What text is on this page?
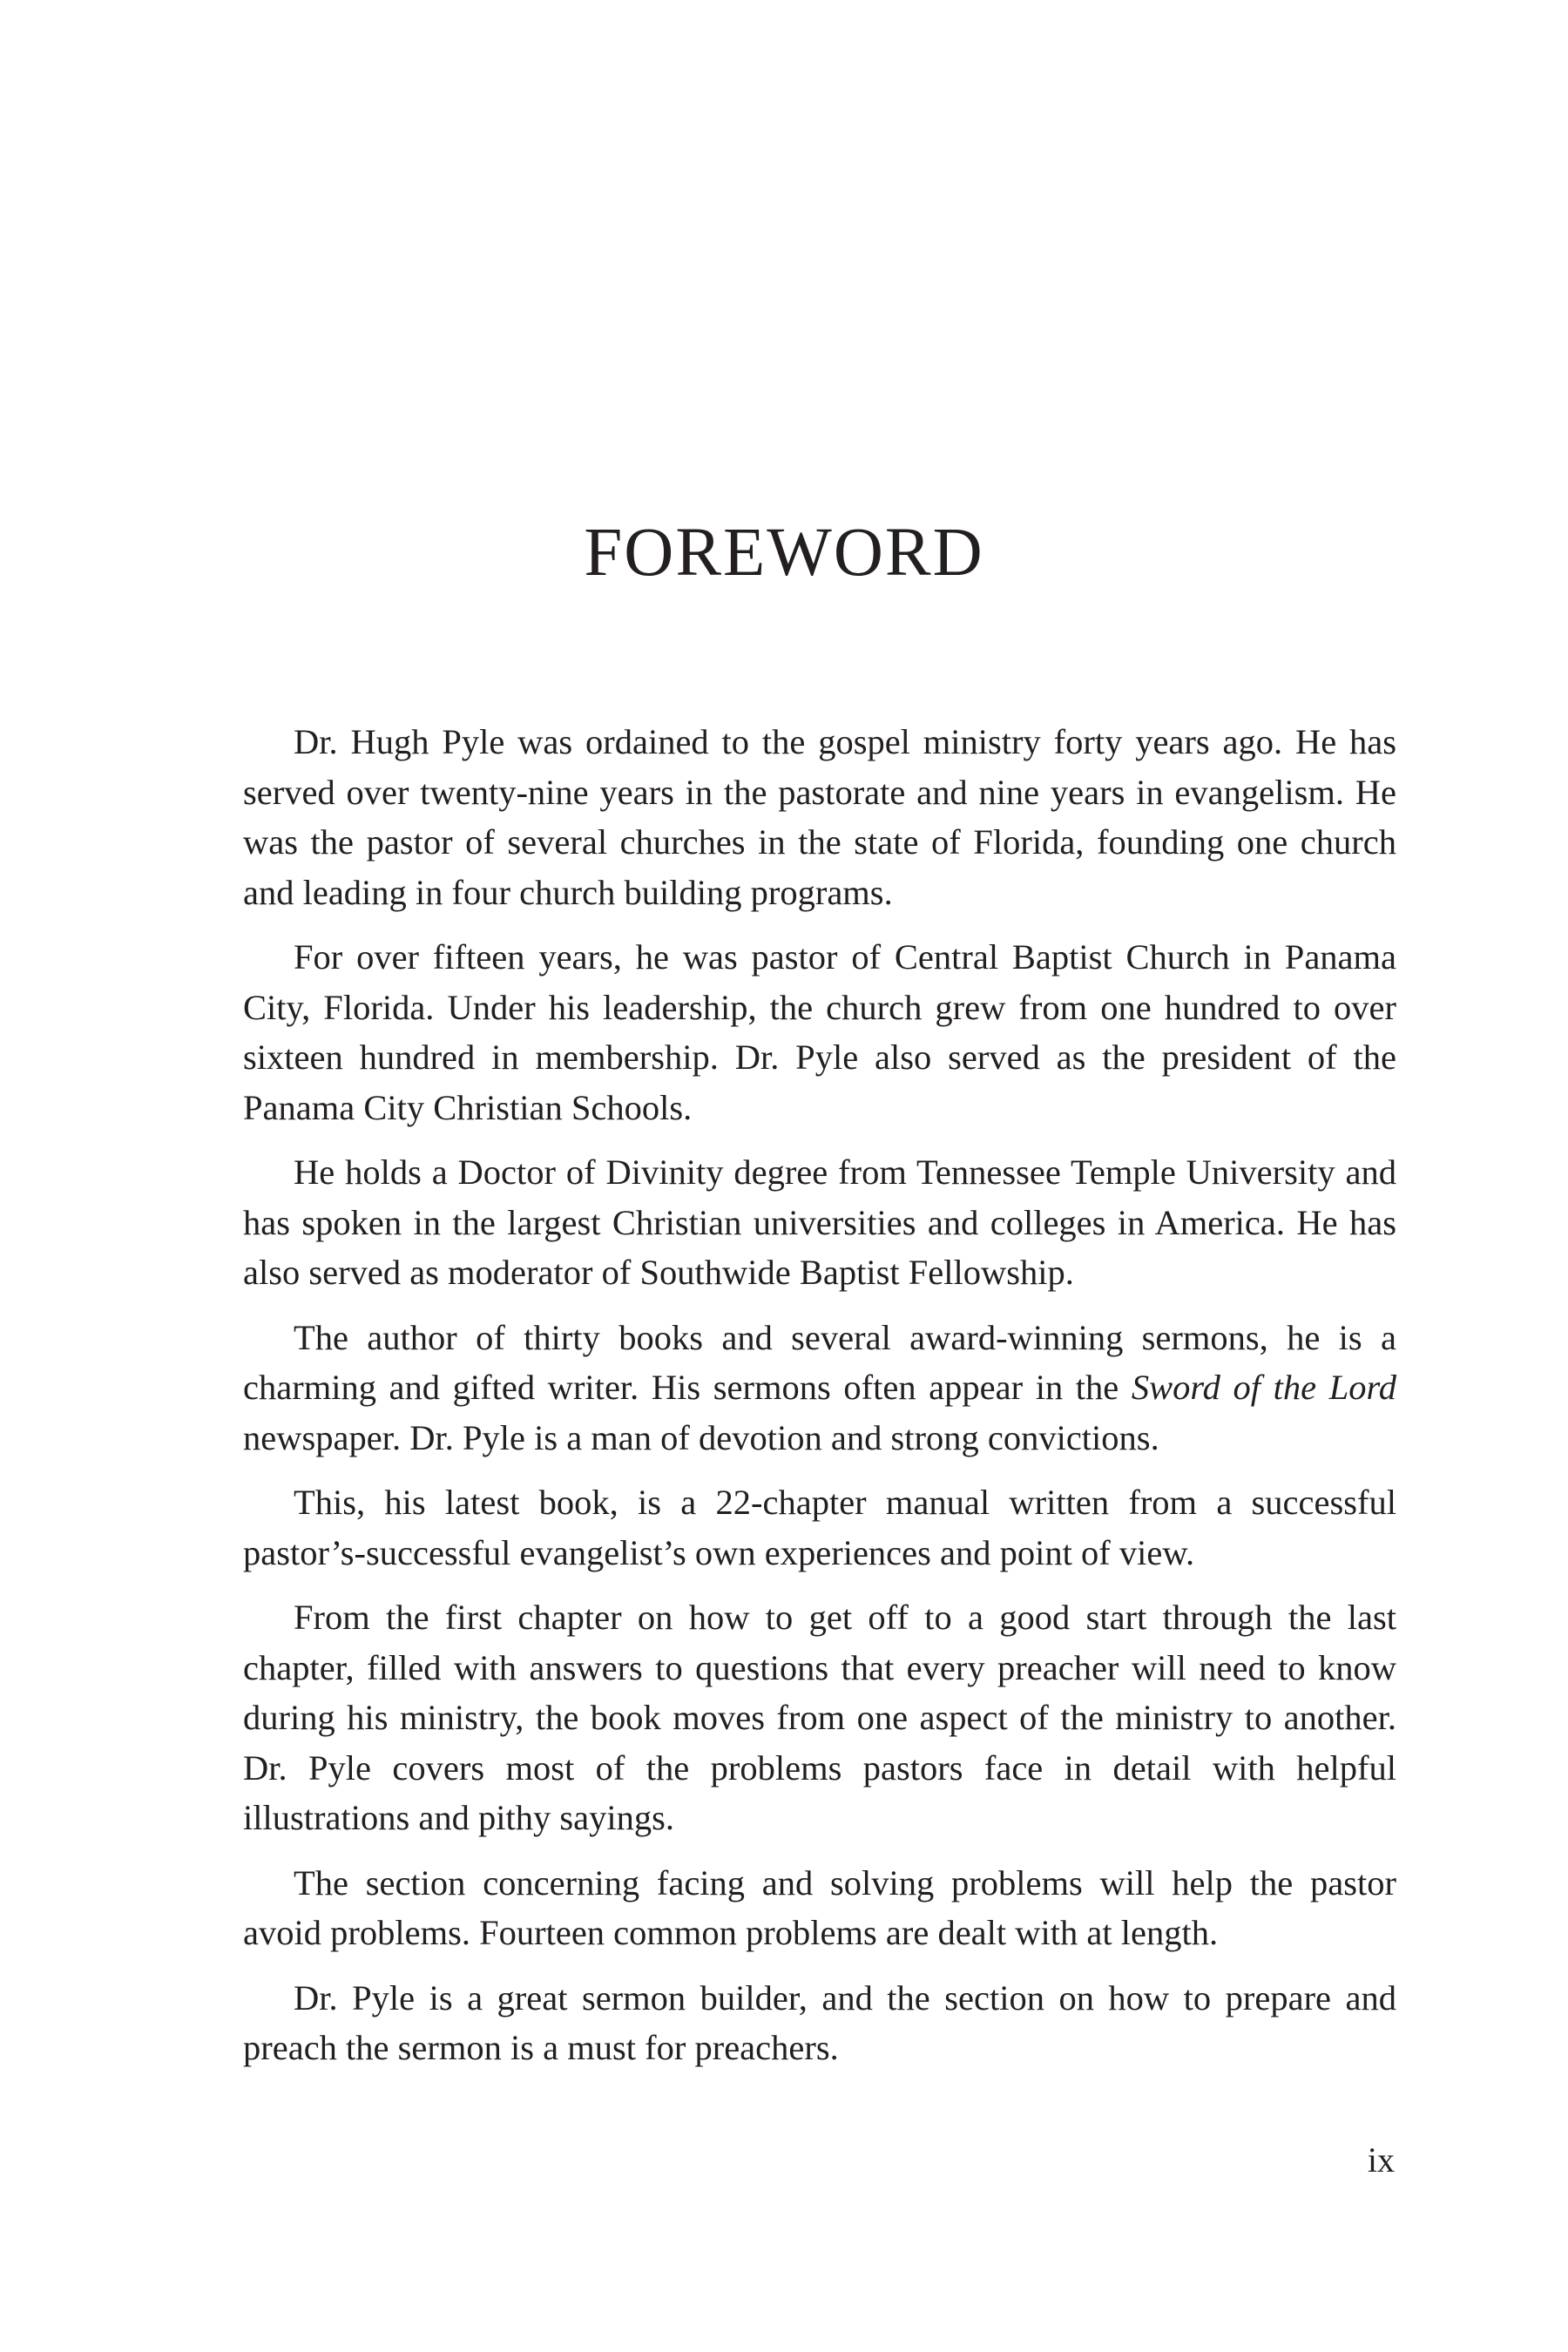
FOREWORD

Dr. Hugh Pyle was ordained to the gospel ministry forty years ago. He has served over twenty-nine years in the pastorate and nine years in evangelism. He was the pastor of several churches in the state of Florida, founding one church and leading in four church building programs.

For over fifteen years, he was pastor of Central Baptist Church in Panama City, Florida. Under his leadership, the church grew from one hundred to over sixteen hundred in membership. Dr. Pyle also served as the president of the Panama City Christian Schools.

He holds a Doctor of Divinity degree from Tennessee Temple University and has spoken in the largest Christian universities and colleges in America. He has also served as moderator of Southwide Baptist Fellowship.

The author of thirty books and several award-winning sermons, he is a charming and gifted writer. His sermons often appear in the Sword of the Lord newspaper. Dr. Pyle is a man of devotion and strong convictions.

This, his latest book, is a 22-chapter manual written from a successful pastor’s-successful evangelist’s own experiences and point of view.

From the first chapter on how to get off to a good start through the last chapter, filled with answers to questions that every preacher will need to know during his ministry, the book moves from one aspect of the ministry to another. Dr. Pyle covers most of the problems pastors face in detail with helpful illustrations and pithy sayings.

The section concerning facing and solving problems will help the pastor avoid problems. Fourteen common problems are dealt with at length.

Dr. Pyle is a great sermon builder, and the section on how to prepare and preach the sermon is a must for preachers.

ix
